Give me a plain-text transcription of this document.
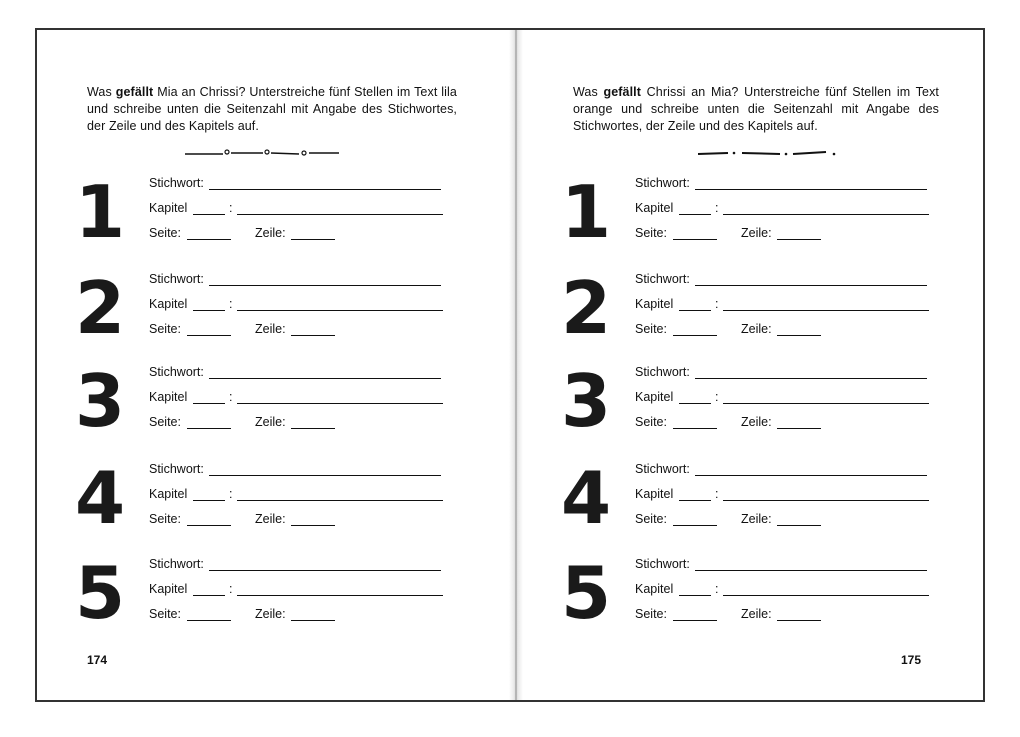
Was gefällt Mia an Chrissi? Unterstreiche fünf Stellen im Text lila und schreibe unten die Seitenzahl mit Angabe des Stichwortes, der Zeile und des Kapitels auf.
1 Stichwort:
Kapitel	:
Seite:	Zeile:
2 Stichwort:
Kapitel	:
Seite:	Zeile:
3 Stichwort:
Kapitel	:
Seite:	Zeile:
4 Stichwort:
Kapitel	:
Seite:	Zeile:
5 Stichwort:
Kapitel	:
Seite:	Zeile:
174
Was gefällt Chrissi an Mia? Unterstreiche fünf Stellen im Text orange und schreibe unten die Seitenzahl mit Angabe des Stichwortes, der Zeile und des Kapitels auf.
1 Stichwort:
Kapitel	:
Seite:	Zeile:
2 Stichwort:
Kapitel	:
Seite:	Zeile:
3 Stichwort:
Kapitel	:
Seite:	Zeile:
4 Stichwort:
Kapitel	:
Seite:	Zeile:
5 Stichwort:
Kapitel	:
Seite:	Zeile:
175
